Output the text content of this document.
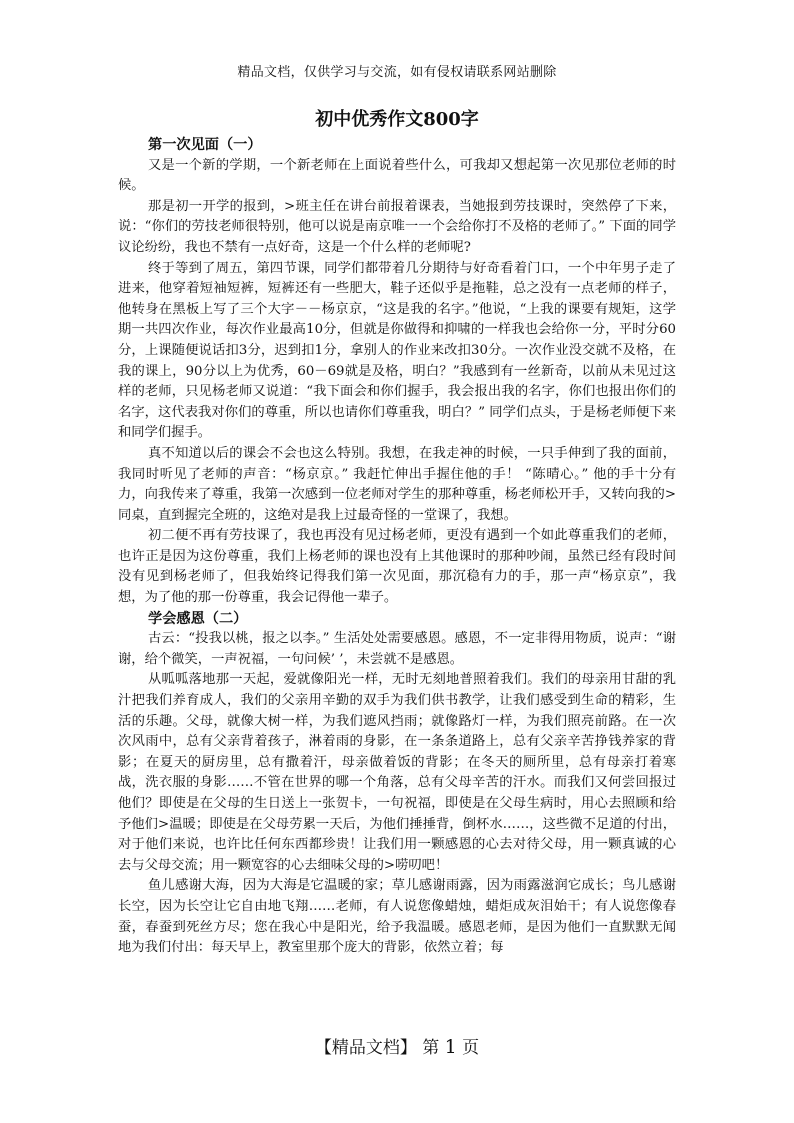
精品文档，仅供学习与交流，如有侵权请联系网站删除
初中优秀作文800字

第一次见面（一）

又是一个新的学期，一个新老师在上面说着些什么，可我却又想起第一次见那位老师的时候。

那是初一开学的报到，>班主任在讲台前报着课表，当她报到劳技课时，突然停了下来，说：“你们的劳技老师很特别，他可以说是南京唯一一个会给你打不及格的老师了。” 下面的同学议论纷纷，我也不禁有一点好奇，这是一个什么样的老师呢?

终于等到了周五，第四节课，同学们都带着几分期待与好奇看着门口，一个中年男子走了进来，他穿着短袖短裤，短裤还有一些肥大，鞋子还似乎是拖鞋，总之没有一点老师的样子，他转身在黑板上写了三个大字－－杨京京，“这是我的名字。”他说，“上我的课要有规矩，这学期一共四次作业，每次作业最高10分，但就是你做得和抑啸的一样我也会给你一分，平时分60分，上课随便说话扣3分，迟到扣1分，拿别人的作业来改扣30分。一次作业没交就不及格，在我的课上，90分以上为优秀，60－69就是及格，明白？”我感到有一丝新奇，以前从未见过这样的老师，只见杨老师又说道：“我下面会和你们握手，我会报出我的名字，你们也报出你们的名字，这代表我对你们的尊重，所以也请你们尊重我，明白？” 同学们点头，于是杨老师便下来和同学们握手。

真不知道以后的课会不会也这么特别。我想，在我走神的时候，一只手伸到了我的面前，我同时听见了老师的声音：“杨京京。” 我赶忙伸出手握住他的手！ “陈晴心。” 他的手十分有力，向我传来了尊重，我第一次感到一位老师对学生的那种尊重，杨老师松开手，又转向我的>同桌，直到握完全班的，这绝对是我上过最奇怪的一堂课了，我想。

初二便不再有劳技课了，我也再没有见过杨老师，更没有遇到一个如此尊重我们的老师，也许正是因为这份尊重，我们上杨老师的课也没有上其他课时的那种吵闹，虽然已经有段时间没有见到杨老师了，但我始终记得我们第一次见面，那沉稳有力的手，那一声“杨京京”，我想，为了他的那一份尊重，我会记得他一辈子。

学会感恩（二）

古云：“投我以桃，报之以李。” 生活处处需要感恩。感恩，不一定非得用物质，说声：“谢谢，给个微笑，一声祝福，一句问候’ ’，未尝就不是感恩。

从呱呱落地那一天起，爱就像阳光一样，无时无刻地普照着我们。我们的母亲用甘甜的乳汁把我们养育成人，我们的父亲用辛勤的双手为我们供书教学，让我们感受到生命的精彩，生活的乐趣。父母，就像大树一样，为我们遮风挡雨；就像路灯一样，为我们照亮前路。在一次次风雨中，总有父亲背着孩子，淋着雨的身影，在一条条道路上，总有父亲辛苦挣钱养家的背影；在夏天的厨房里，总有撒着汗，母亲做着饭的背影；在冬天的厕所里，总有母亲打着寒战，洗衣服的身影……不管在世界的哪一个角落，总有父母辛苦的汗水。而我们又何尝回报过他们？即使是在父母的生日送上一张贺卡，一句祝福，即使是在父母生病时，用心去照顾和给予他们>温暖；即使是在父母劳累一天后，为他们捶捶背，倒杯水……，这些微不足道的付出，对于他们来说，也许比任何东西都珍贵！让我们用一颗感恩的心去对待父母，用一颗真诚的心去与父母交流；用一颗宽容的心去细味父母的>唠叨吧！

鱼儿感谢大海，因为大海是它温暖的家；草儿感谢雨露，因为雨露滋润它成长；鸟儿感谢长空，因为长空让它自由地飞翔……老师，有人说您像蜡烛，蜡炬成灰泪始干；有人说您像春蚕，春蚕到死丝方尽；您在我心中是阳光，给予我温暖。感恩老师，是因为他们一直默默无闻地为我们付出：每天早上，教室里那个庞大的背影，依然立着；每

【精品文档】 第 1 页
